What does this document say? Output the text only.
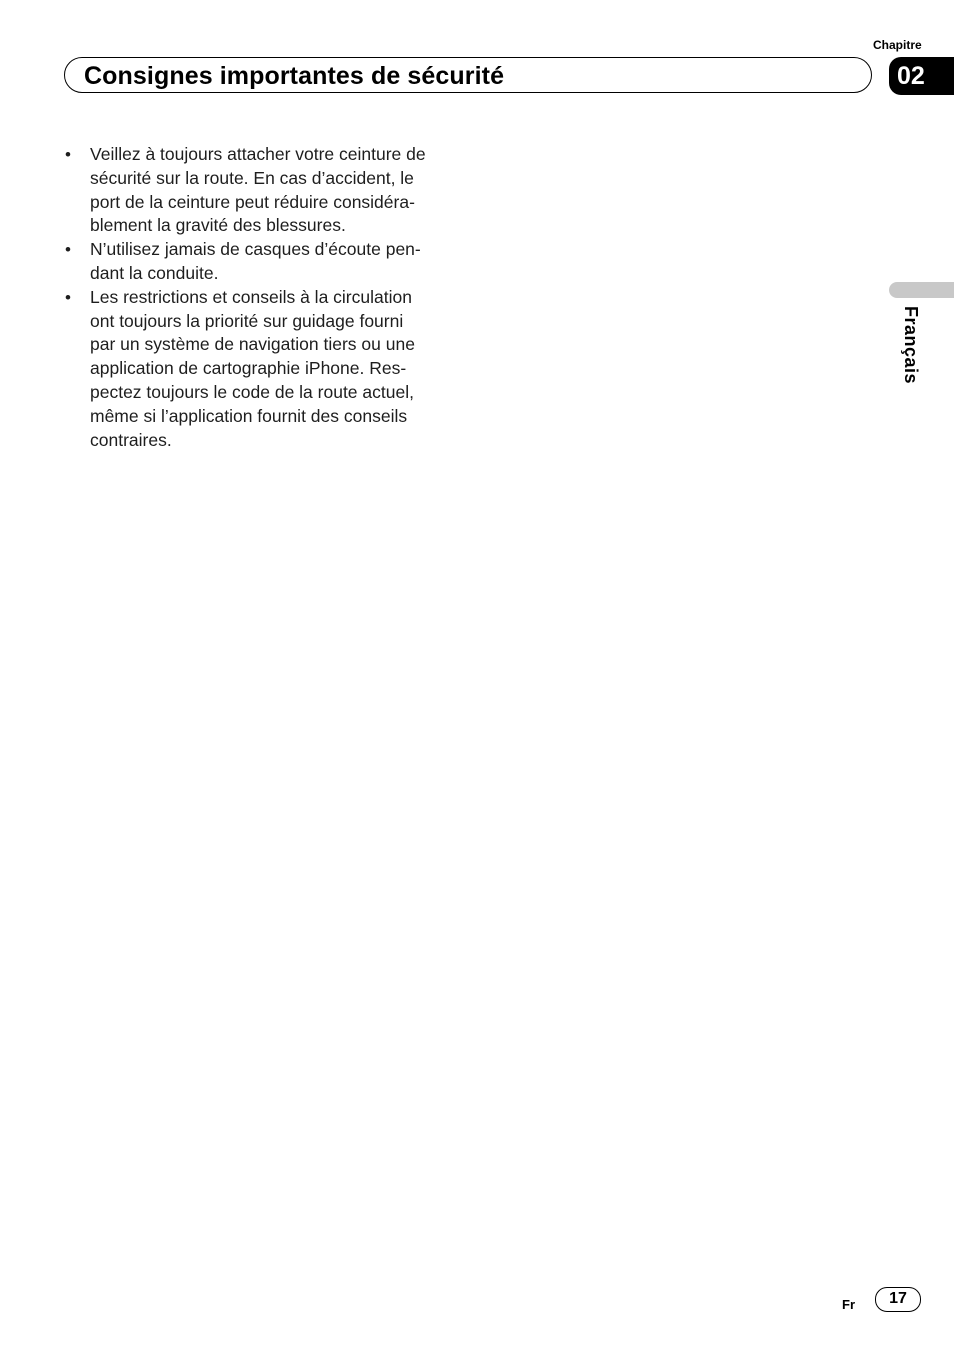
Chapitre
Consignes importantes de sécurité	02
Français
• Veillez à toujours attacher votre ceinture de
sécurité sur la route. En cas d’accident, le
port de la ceinture peut réduire considéra-
blement la gravité des blessures.
• N’utilisez jamais de casques d’écoute pen-
dant la conduite.
• Les restrictions et conseils à la circulation
ont toujours la priorité sur guidage fourni
par un système de navigation tiers ou une
application de cartographie iPhone. Res-
pectez toujours le code de la route actuel,
même si l’application fournit des conseils
contraires.
Fr	17
